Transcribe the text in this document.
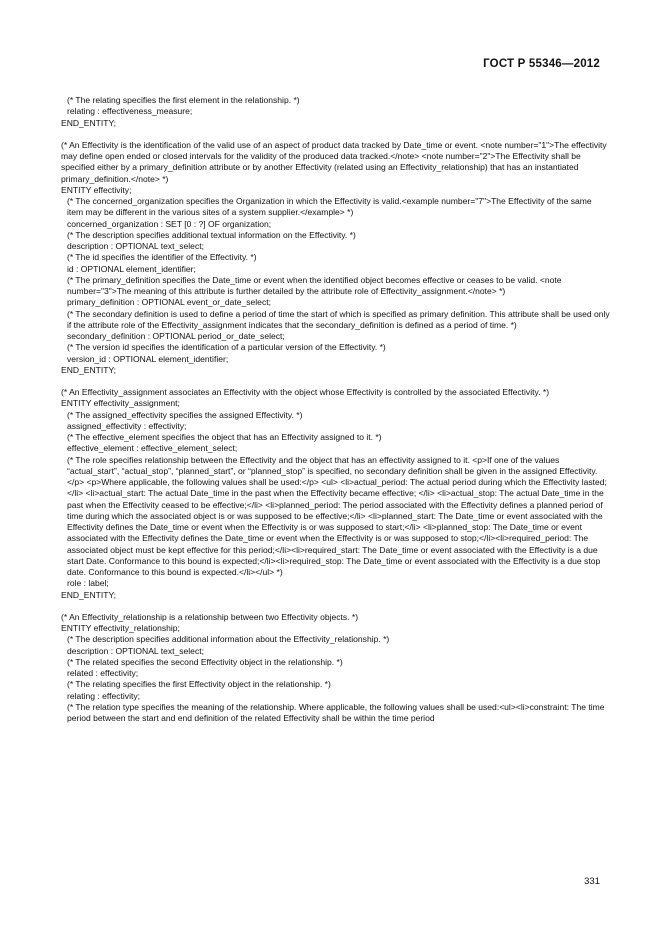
ГОСТ Р 55346—2012

(* The relating specifies the first element in the relationship. *)

relating : effectiveness_measure;

END_ENTITY;

(* An Effectivity is the identification of the valid use of an aspect of product data tracked by Date_time or event. <note number="1">The effectivity may define open ended or closed intervals for the validity of the produced data tracked.</note> <note number="2">The Effectivity shall be specified either by a primary_definition attribute or by another Effectivity (related using an Effectivity_relationship) that has an instantiated primary_definition.</note> *)

ENTITY effectivity;

(* The concerned_organization specifies the Organization in which the Effectivity is valid.<example number="7">The Effectivity of the same item may be different in the various sites of a system supplier.</example> *)

concerned_organization : SET [0 : ?] OF organization;

(* The description specifies additional textual information on the Effectivity. *)

description : OPTIONAL text_select;

(* The id specifies the identifier of the Effectivity. *)

id : OPTIONAL element_identifier;

(* The primary_definition specifies the Date_time or event when the identified object becomes effective or ceases to be valid. <note number="3">The meaning of this attribute is further detailed by the attribute role of Effectivity_assignment.</note> *)

primary_definition : OPTIONAL event_or_date_select;

(* The secondary definition is used to define a period of time the start of which is specified as primary definition. This attribute shall be used only if the attribute role of the Effectivity_assignment indicates that the secondary_definition is defined as a period of time. *)

secondary_definition : OPTIONAL period_or_date_select;

(* The version id specifies the identification of a particular version of the Effectivity. *)

version_id : OPTIONAL element_identifier;

END_ENTITY;

(* An Effectivity_assignment associates an Effectivity with the object whose Effectivity is controlled by the associated Effectivity. *)

ENTITY effectivity_assignment;

(* The assigned_effectivity specifies the assigned Effectivity. *)

assigned_effectivity : effectivity;

(* The effective_element specifies the object that has an Effectivity assigned to it. *)

effective_element : effective_element_select;

(* The role specifies relationship between the Effectivity and the object that has an effectivity assigned to it. <p>If one of the values “actual_start”, “actual_stop”, “planned_start”, or “planned_stop” is specified, no secondary definition shall be given in the assigned Effectivity.</p> <p>Where applicable, the following values shall be used:</p> <ul> <li>actual_period: The actual period during which the Effectivity lasted;</li> <li>actual_start: The actual Date_time in the past when the Effectivity became effective; </li> <li>actual_stop: The actual Date_time in the past when the Effectivity ceased to be effective;</li> <li>planned_period: The period associated with the Effectivity defines a planned period of time during which the associated object is or was supposed to be effective;</li> <li>planned_start: The Date_time or event associated with the Effectivity defines the Date_time or event when the Effectivity is or was supposed to start;</li> <li>planned_stop: The Date_time or event associated with the Effectivity defines the Date_time or event when the Effectivity is or was supposed to stop;</li><li>required_period: The associated object must be kept effective for this period;</li><li>required_start: The Date_time or event associated with the Effectivity is a due start Date. Conformance to this bound is expected;</li><li>required_stop: The Date_time or event associated with the Effectivity is a due stop date. Conformance to this bound is expected.</li></ul> *)

role : label;

END_ENTITY;

(* An Effectivity_relationship is a relationship between two Effectivity objects. *)

ENTITY effectivity_relationship;

(* The description specifies additional information about the Effectivity_relationship. *)

description : OPTIONAL text_select;

(* The related specifies the second Effectivity object in the relationship. *)

related : effectivity;

(* The relating specifies the first Effectivity object in the relationship. *)

relating : effectivity;

(* The relation type specifies the meaning of the relationship. Where applicable, the following values shall be used:<ul><li>constraint: The time period between the start and end definition of the related Effectivity shall be within the time period

331
